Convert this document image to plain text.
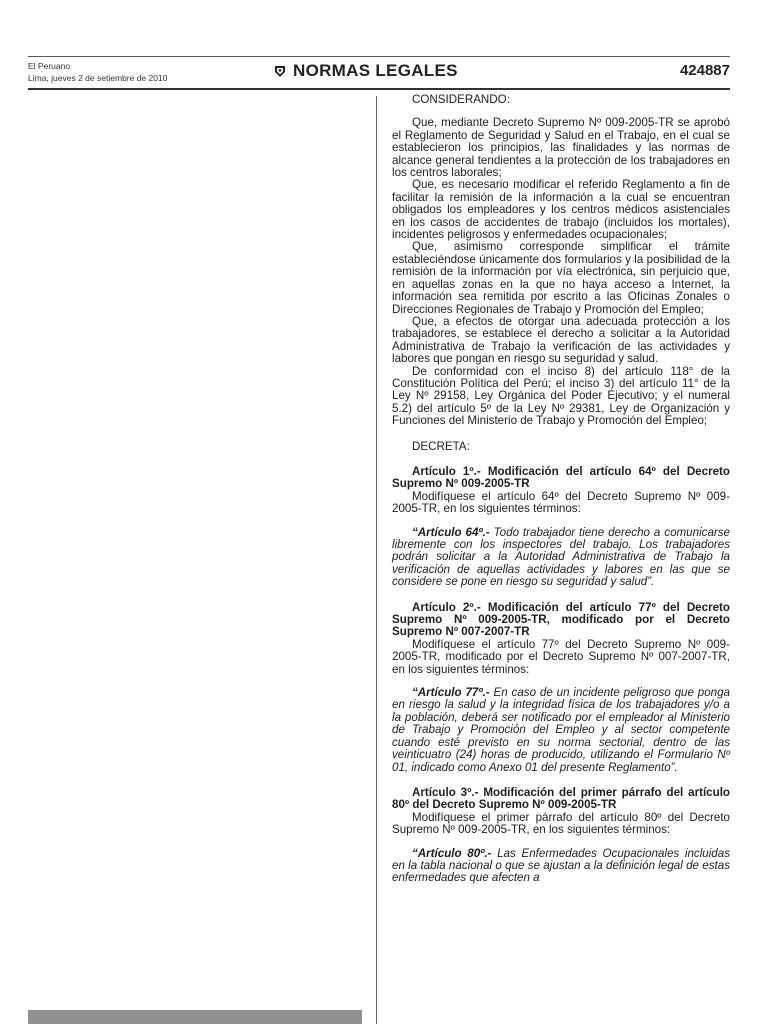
El Peruano
Lima, jueves 2 de setiembre de 2010	NORMAS LEGALES	424887

CONSIDERANDO:

Que, mediante Decreto Supremo Nº 009-2005-TR se aprobó el Reglamento de Seguridad y Salud en el Trabajo, en el cual se establecieron los principios, las finalidades y las normas de alcance general tendientes a la protección de los trabajadores en los centros laborales;

Que, es necesario modificar el referido Reglamento a fin de facilitar la remisión de la información a la cual se encuentran obligados los empleadores y los centros médicos asistenciales en los casos de accidentes de trabajo (incluidos los mortales), incidentes peligrosos y enfermedades ocupacionales;

Que, asimismo corresponde simplificar el trámite estableciéndose únicamente dos formularios y la posibilidad de la remisión de la información por vía electrónica, sin perjuicio que, en aquellas zonas en la que no haya acceso a Internet, la información sea remitida por escrito a las Oficinas Zonales o Direcciones Regionales de Trabajo y Promoción del Empleo;

Que, a efectos de otorgar una adecuada protección a los trabajadores, se establece el derecho a solicitar a la Autoridad Administrativa de Trabajo la verificación de las actividades y labores que pongan en riesgo su seguridad y salud.

De conformidad con el inciso 8) del artículo 118° de la Constitución Política del Perú; el inciso 3) del artículo 11° de la Ley Nº 29158, Ley Orgánica del Poder Ejecutivo; y el numeral 5.2) del artículo 5º de la Ley Nº 29381, Ley de Organización y Funciones del Ministerio de Trabajo y Promoción del Empleo;

DECRETA:

Artículo 1º.- Modificación del artículo 64º del Decreto Supremo Nº 009-2005-TR

Modifíquese el artículo 64º del Decreto Supremo Nº 009-2005-TR, en los siguientes términos:

“Artículo 64º.- Todo trabajador tiene derecho a comunicarse libremente con los inspectores del trabajo. Los trabajadores podrán solicitar a la Autoridad Administrativa de Trabajo la verificación de aquellas actividades y labores en las que se considere se pone en riesgo su seguridad y salud”.

Artículo 2º.- Modificación del artículo 77º del Decreto Supremo Nº 009-2005-TR, modificado por el Decreto Supremo Nº 007-2007-TR

Modifíquese el artículo 77º del Decreto Supremo Nº 009-2005-TR, modificado por el Decreto Supremo Nº 007-2007-TR, en los siguientes términos:

“Artículo 77º.- En caso de un incidente peligroso que ponga en riesgo la salud y la integridad física de los trabajadores y/o a la población, deberá ser notificado por el empleador al Ministerio de Trabajo y Promoción del Empleo y al sector competente cuando esté previsto en su norma sectorial, dentro de las veinticuatro (24) horas de producido, utilizando el Formulario Nº 01, indicado como Anexo 01 del presente Reglamento”.

Artículo 3º.- Modificación del primer párrafo del artículo 80º del Decreto Supremo Nº 009-2005-TR

Modifíquese el primer párrafo del artículo 80º del Decreto Supremo Nº 009-2005-TR, en los siguientes términos:

“Artículo 80º.- Las Enfermedades Ocupacionales incluidas en la tabla nacional o que se ajustan a la definición legal de estas enfermedades que afecten a
